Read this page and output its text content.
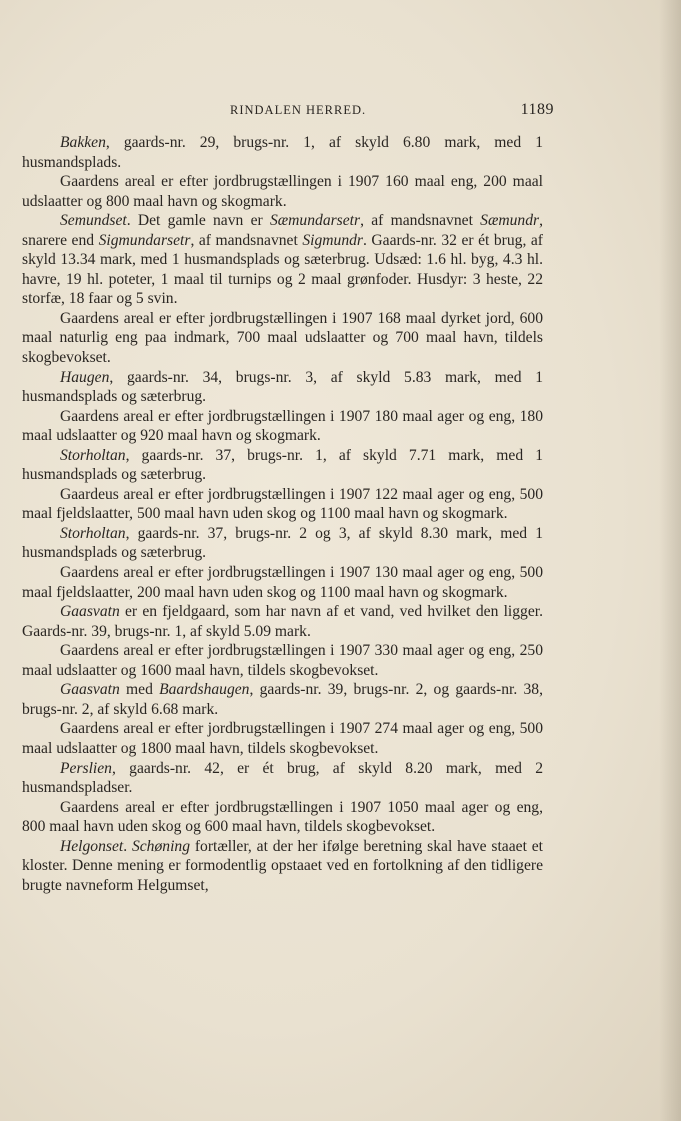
RINDALEN HERRED.	1189

Bakken, gaards-nr. 29, brugs-nr. 1, af skyld 6.80 mark, med 1 husmandsplads.

Gaardens areal er efter jordbrugstællingen i 1907 160 maal eng, 200 maal udslaatter og 800 maal havn og skogmark.

Semundset. Det gamle navn er Sæmundarsetr, af mandsnavnet Sæmundr, snarere end Sigmundarsetr, af mandsnavnet Sigmundr. Gaards-nr. 32 er ét brug, af skyld 13.34 mark, med 1 husmandsplads og sæterbrug. Udsæd: 1.6 hl. byg, 4.3 hl. havre, 19 hl. poteter, 1 maal til turnips og 2 maal grønfoder. Husdyr: 3 heste, 22 storfæ, 18 faar og 5 svin.

Gaardens areal er efter jordbrugstællingen i 1907 168 maal dyrket jord, 600 maal naturlig eng paa indmark, 700 maal udslaatter og 700 maal havn, tildels skogbevokset.

Haugen, gaards-nr. 34, brugs-nr. 3, af skyld 5.83 mark, med 1 husmandsplads og sæterbrug.

Gaardens areal er efter jordbrugstællingen i 1907 180 maal ager og eng, 180 maal udslaatter og 920 maal havn og skogmark.

Storholtan, gaards-nr. 37, brugs-nr. 1, af skyld 7.71 mark, med 1 husmandsplads og sæterbrug.

Gaardeus areal er efter jordbrugstællingen i 1907 122 maal ager og eng, 500 maal fjeldslaatter, 500 maal havn uden skog og 1100 maal havn og skogmark.

Storholtan, gaards-nr. 37, brugs-nr. 2 og 3, af skyld 8.30 mark, med 1 husmandsplads og sæterbrug.

Gaardens areal er efter jordbrugstællingen i 1907 130 maal ager og eng, 500 maal fjeldslaatter, 200 maal havn uden skog og 1100 maal havn og skogmark.

Gaasvatn er en fjeldgaard, som har navn af et vand, ved hvilket den ligger. Gaards-nr. 39, brugs-nr. 1, af skyld 5.09 mark.

Gaardens areal er efter jordbrugstællingen i 1907 330 maal ager og eng, 250 maal udslaatter og 1600 maal havn, tildels skogbevokset.

Gaasvatn med Baardshaugen, gaards-nr. 39, brugs-nr. 2, og gaards-nr. 38, brugs-nr. 2, af skyld 6.68 mark.

Gaardens areal er efter jordbrugstællingen i 1907 274 maal ager og eng, 500 maal udslaatter og 1800 maal havn, tildels skogbevokset.

Perslien, gaards-nr. 42, er ét brug, af skyld 8.20 mark, med 2 husmandspladser.

Gaardens areal er efter jordbrugstællingen i 1907 1050 maal ager og eng, 800 maal havn uden skog og 600 maal havn, tildels skogbevokset.

Helgonset. Schøning fortæller, at der her ifølge beretning skal have staaet et kloster. Denne mening er formodentlig opstaaet ved en fortolkning af den tidligere brugte navneform Helgumset,
